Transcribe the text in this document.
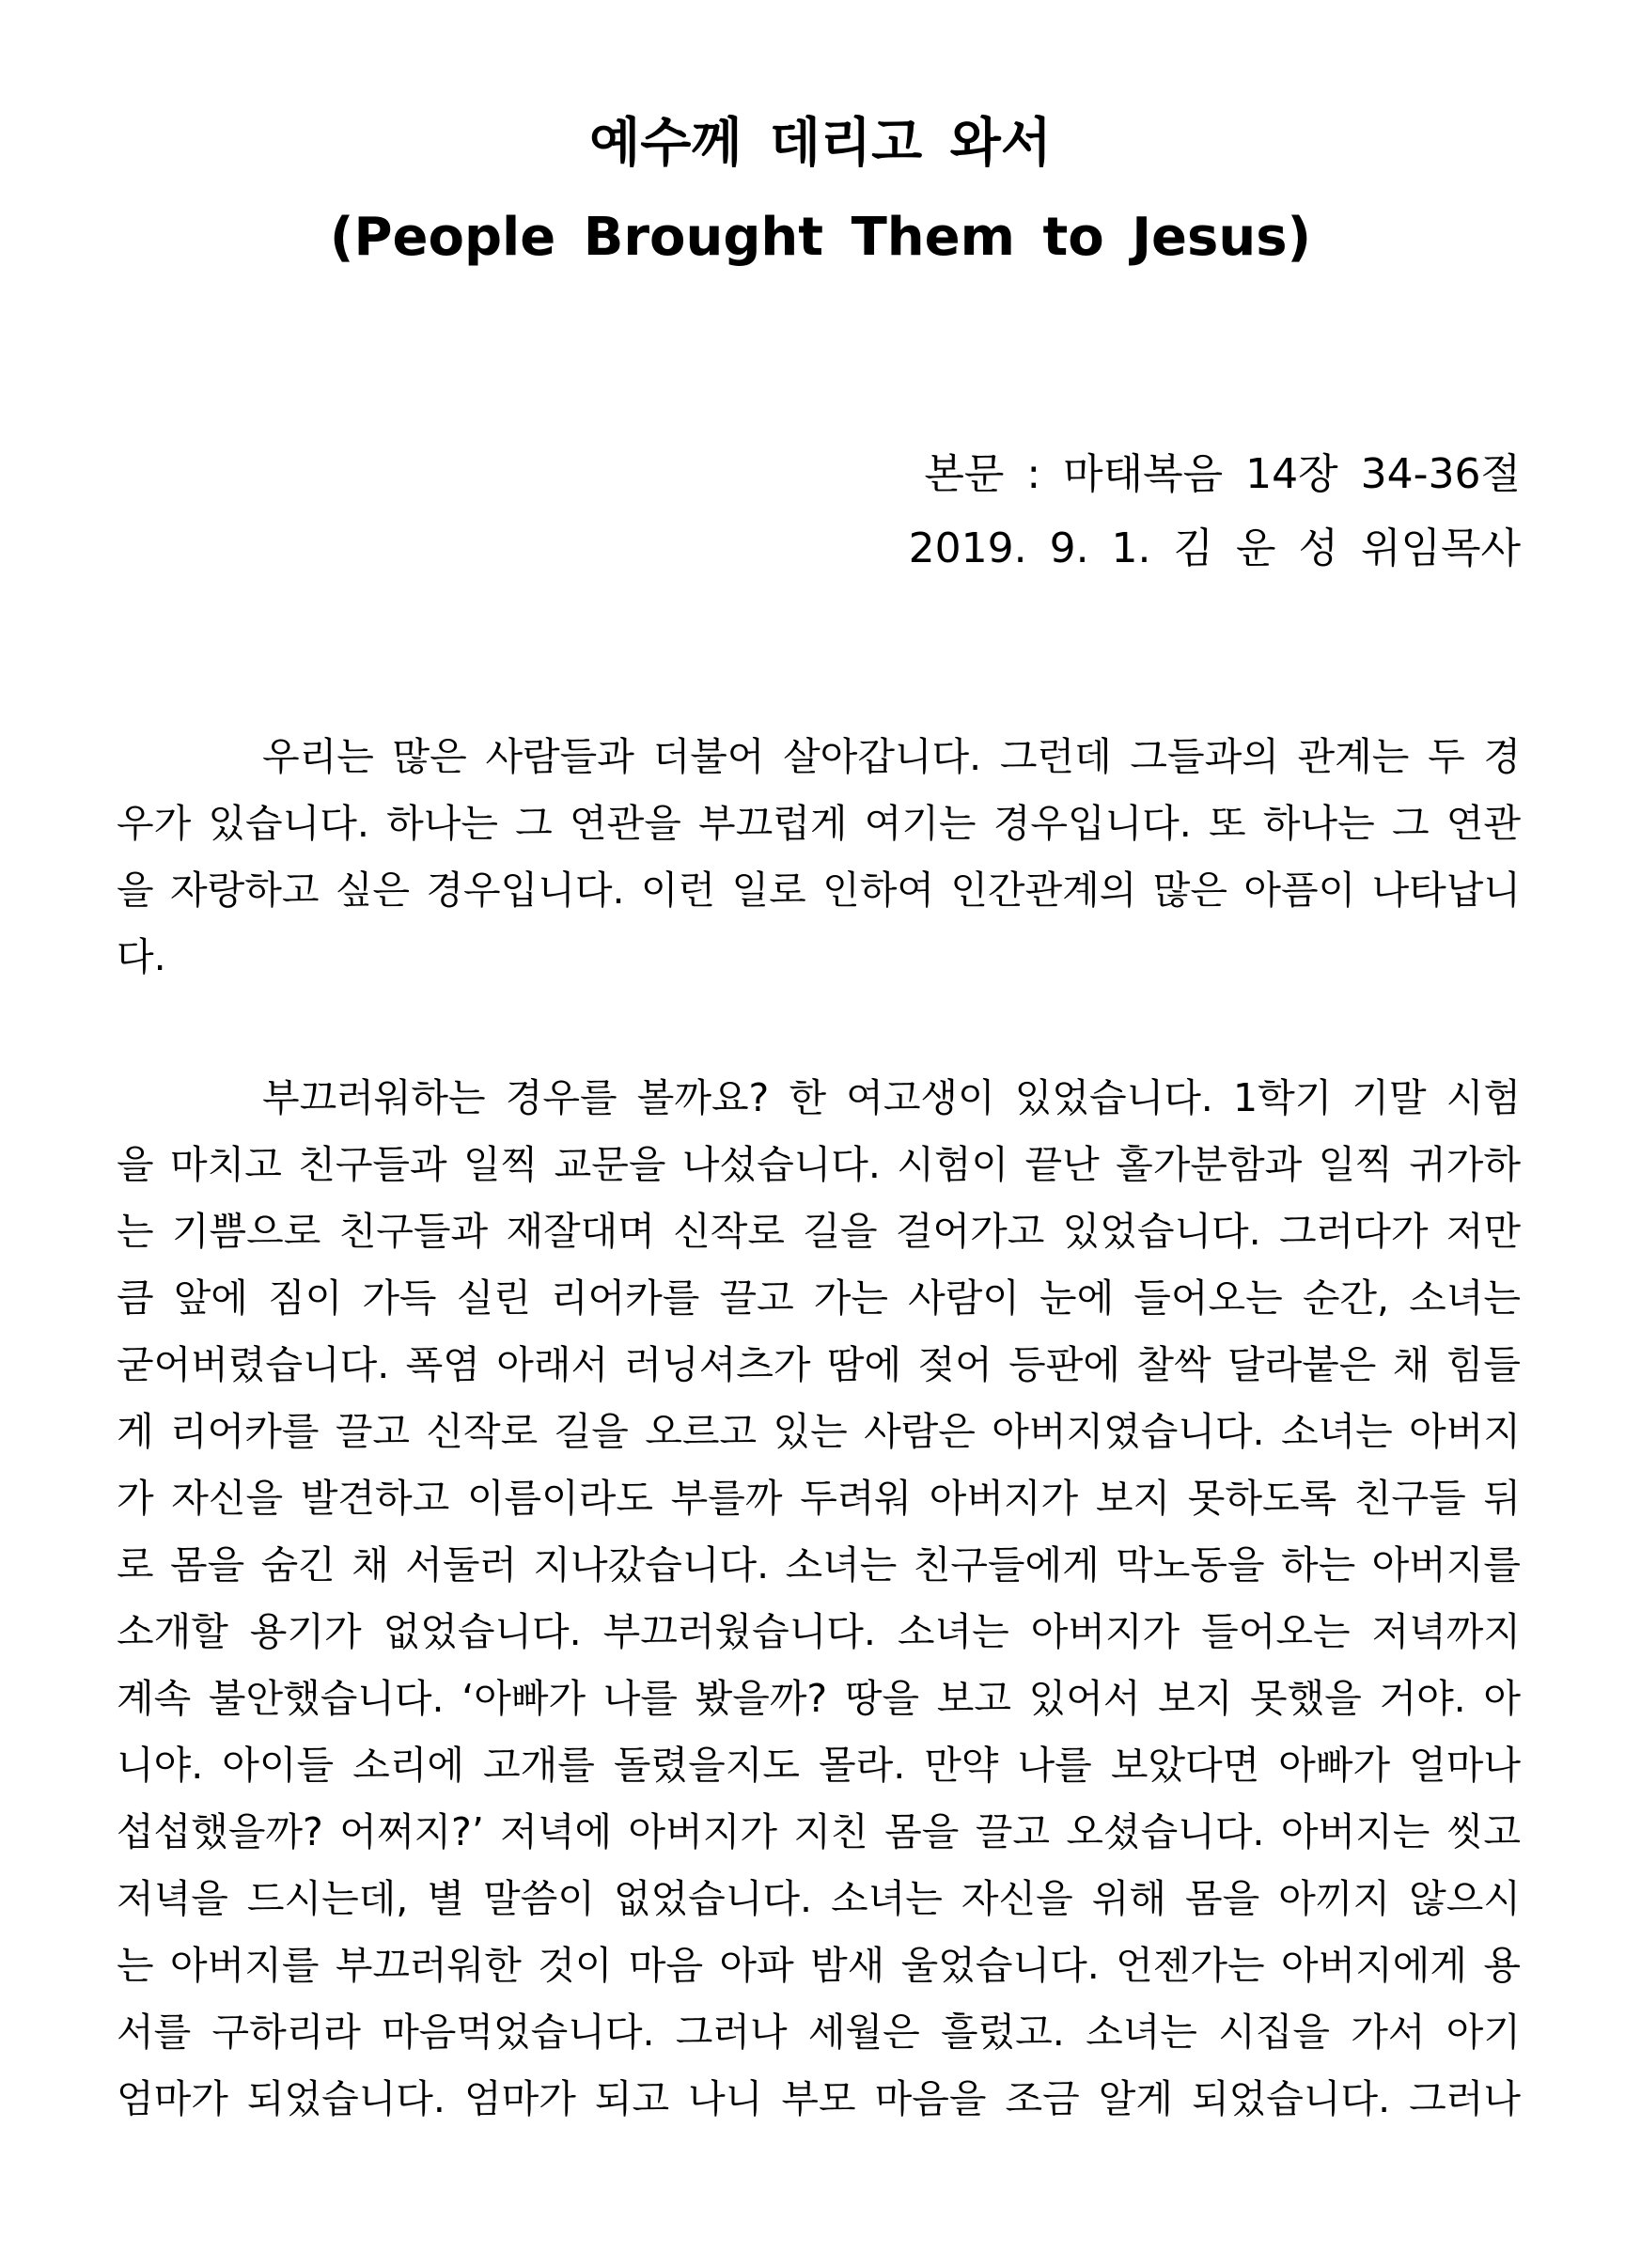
예수께 데리고 와서
(People Brought Them to Jesus)
본문 : 마태복음 14장 34-36절
2019. 9. 1. 김 운 성 위임목사
우리는 많은 사람들과 더불어 살아갑니다. 그런데 그들과의 관계는 두 경
우가 있습니다. 하나는 그 연관을 부끄럽게 여기는 경우입니다. 또 하나는 그 연관
을 자랑하고 싶은 경우입니다. 이런 일로 인하여 인간관계의 많은 아픔이 나타납니
다.
부끄러워하는 경우를 볼까요? 한 여고생이 있었습니다. 1학기 기말 시험
을 마치고 친구들과 일찍 교문을 나섰습니다. 시험이 끝난 홀가분함과 일찍 귀가하
는 기쁨으로 친구들과 재잘대며 신작로 길을 걸어가고 있었습니다. 그러다가 저만
큼 앞에 짐이 가득 실린 리어카를 끌고 가는 사람이 눈에 들어오는 순간, 소녀는
굳어버렸습니다. 폭염 아래서 러닝셔츠가 땀에 젖어 등판에 찰싹 달라붙은 채 힘들
게 리어카를 끌고 신작로 길을 오르고 있는 사람은 아버지였습니다. 소녀는 아버지
가 자신을 발견하고 이름이라도 부를까 두려워 아버지가 보지 못하도록 친구들 뒤
로 몸을 숨긴 채 서둘러 지나갔습니다. 소녀는 친구들에게 막노동을 하는 아버지를
소개할 용기가 없었습니다. 부끄러웠습니다. 소녀는 아버지가 들어오는 저녁까지
계속 불안했습니다. ‘아빠가 나를 봤을까? 땅을 보고 있어서 보지 못했을 거야. 아
니야. 아이들 소리에 고개를 돌렸을지도 몰라. 만약 나를 보았다면 아빠가 얼마나
섭섭했을까? 어쩌지?’ 저녁에 아버지가 지친 몸을 끌고 오셨습니다. 아버지는 씻고
저녁을 드시는데, 별 말씀이 없었습니다. 소녀는 자신을 위해 몸을 아끼지 않으시
는 아버지를 부끄러워한 것이 마음 아파 밤새 울었습니다. 언젠가는 아버지에게 용
서를 구하리라 마음먹었습니다. 그러나 세월은 흘렀고. 소녀는 시집을 가서 아기
엄마가 되었습니다. 엄마가 되고 나니 부모 마음을 조금 알게 되었습니다. 그러나
